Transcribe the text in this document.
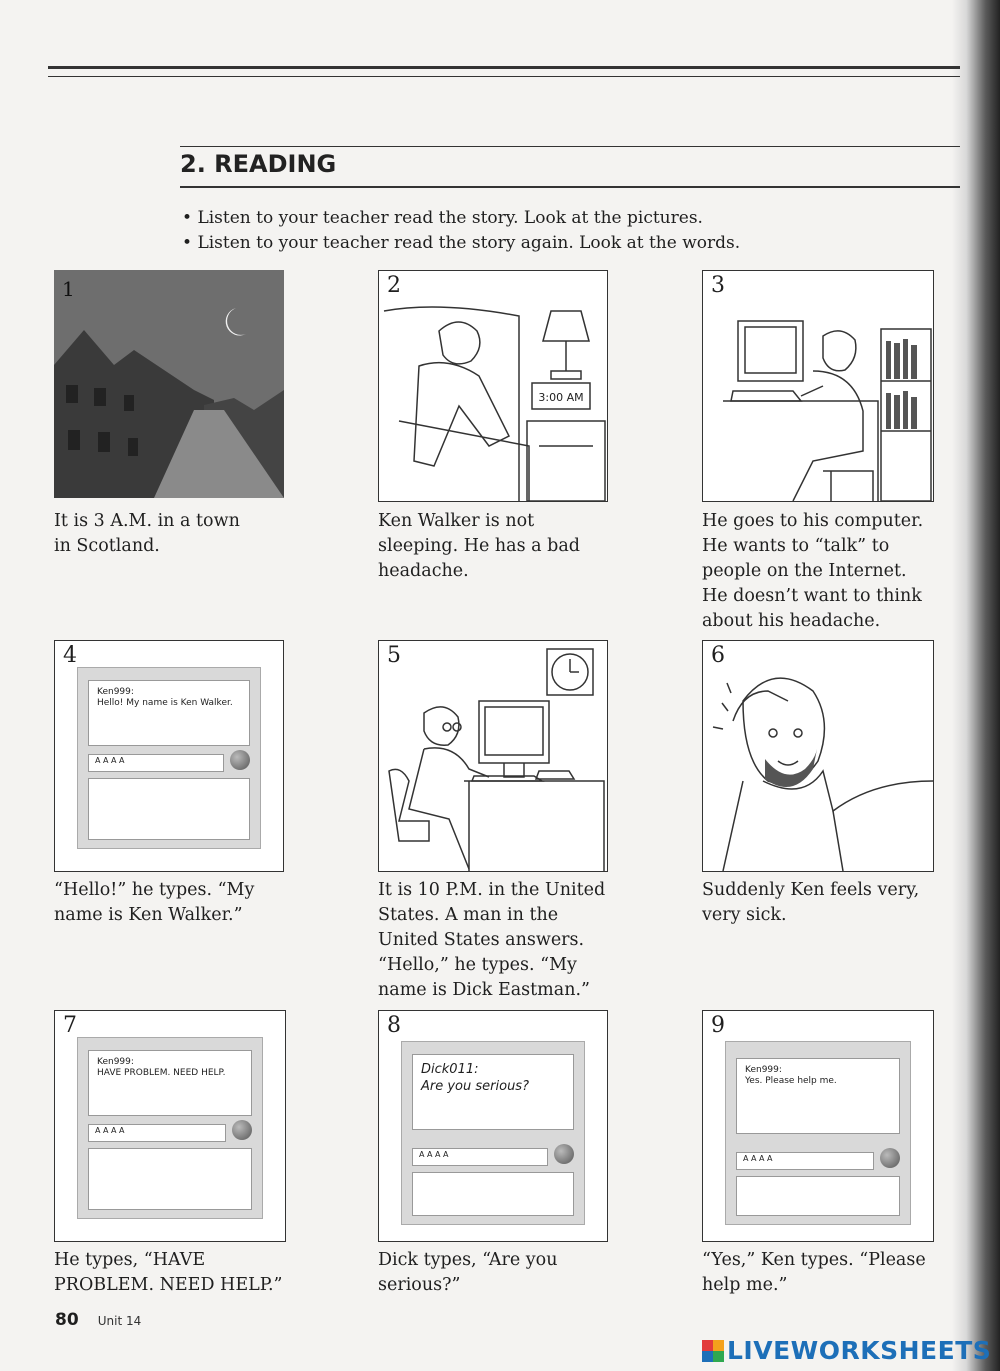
2. READING
• Listen to your teacher read the story. Look at the pictures.
• Listen to your teacher read the story again. Look at the words.
1	2
3:00 AM
3
It is 3 A.M. in a town
in Scotland.
Ken Walker is not
sleeping. He has a bad
headache.
He goes to his computer.
He wants to “talk” to
people on the Internet.
He doesn’t want to think
about his headache.
4
Ken999:
Hello! My name is Ken Walker.
A A A A
5	6
“Hello!” he types. “My
name is Ken Walker.”
It is 10 P.M. in the United
States. A man in the
United States answers.
“Hello,” he types. “My
name is Dick Eastman.”
Suddenly Ken feels very,
very sick.
7
Ken999:
HAVE PROBLEM. NEED HELP.
A A A A
8
Dick011:
Are you serious?
A A A A
9
Ken999:
Yes. Please help me.
A A A A
He types, “HAVE
PROBLEM. NEED HELP.”
Dick types, “Are you
serious?”
“Yes,” Ken types. “Please
help me.”
80 Unit 14
LIVEWORKSHEETS
